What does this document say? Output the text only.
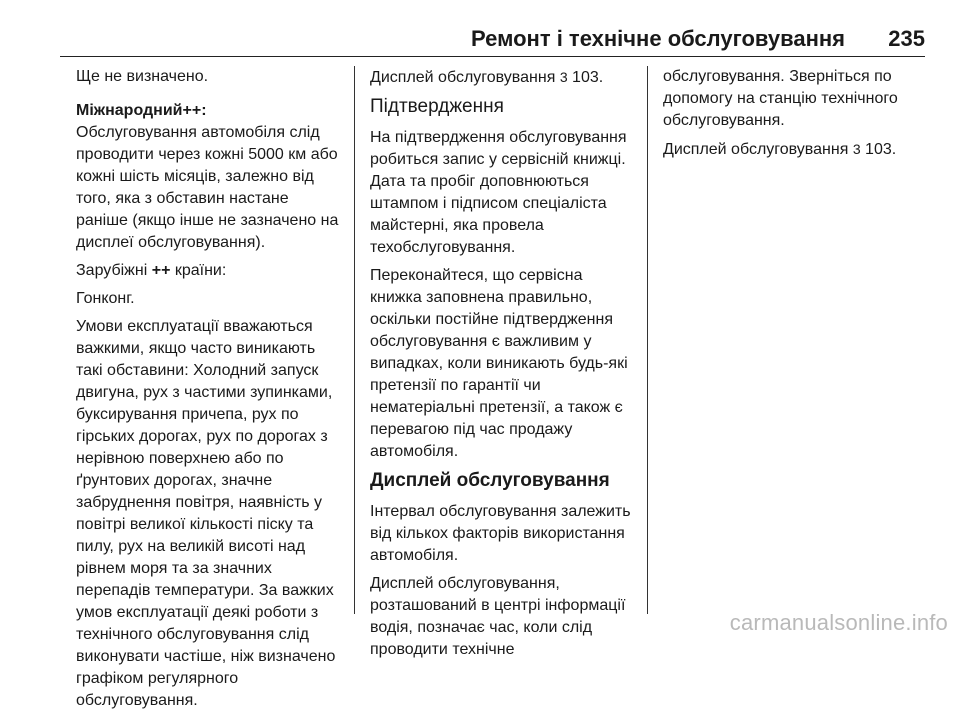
Ремонт і технічне обслуговування 235
Ще не визначено.
Міжнародний++:
Обслуговування автомобіля слід
проводити через кожні 5000 км або
кожні шість місяців, залежно від
того, яка з обставин настане
раніше (якщо інше не зазначено на
дисплеї обслуговування).
Зарубіжні ++ країни:
Гонконг.
Умови експлуатації вважаються
важкими, якщо часто виникають
такі обставини: Холодний запуск
двигуна, рух з частими зупинками,
буксирування причепа, рух по
гірських дорогах, рух по дорогах з
нерівною поверхнею або по
ґрунтових дорогах, значне
забруднення повітря, наявність у
повітрі великої кількості піску та
пилу, рух на великій висоті над
рівнем моря та за значних
перепадів температури. За важких
умов експлуатації деякі роботи з
технічного обслуговування слід
виконувати частіше, ніж визначено
графіком регулярного
обслуговування.
Дисплей обслуговування 3 103.
Підтвердження
На підтвердження обслуговування
робиться запис у сервісній книжці.
Дата та пробіг доповнюються
штампом і підписом спеціаліста
майстерні, яка провела
техобслуговування.
Переконайтеся, що сервісна
книжка заповнена правильно,
оскільки постійне підтвердження
обслуговування є важливим у
випадках, коли виникають будь-які
претензії по гарантії чи
нематеріальні претензії, а також є
перевагою під час продажу
автомобіля.
Дисплей обслуговування
Інтервал обслуговування залежить
від кількох факторів використання
автомобіля.
Дисплей обслуговування,
розташований в центрі інформації
водія, позначає час, коли слід
проводити технічне
обслуговування. Зверніться по
допомогу на станцію технічного
обслуговування.
Дисплей обслуговування 3 103.
carmanualsonline.info
